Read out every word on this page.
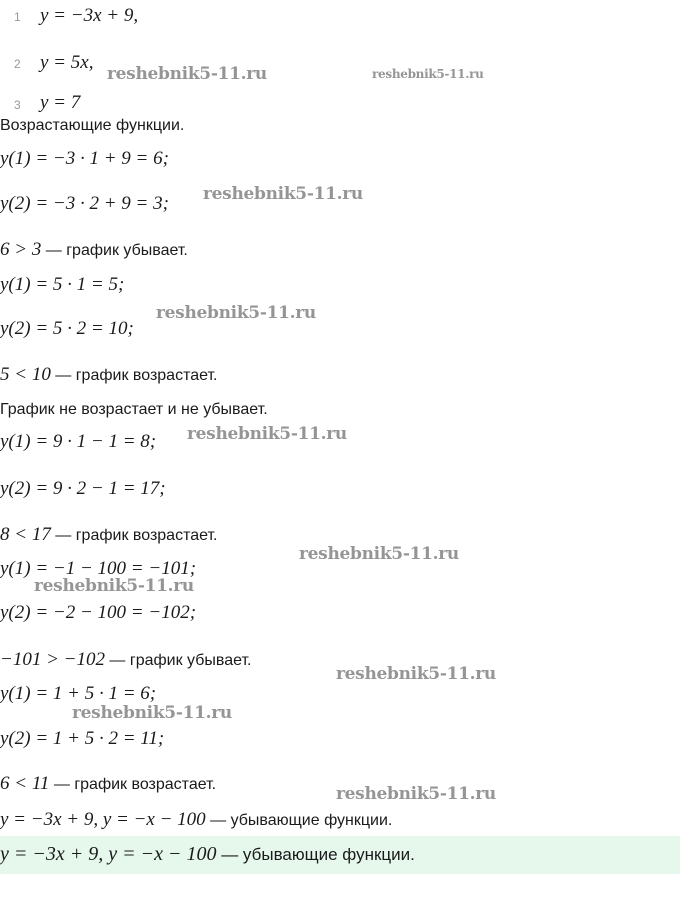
1 y = −3x + 9,
2 y = 5x,
3 y = 7
Возрастающие функции.
y(1) = −3 · 1 + 9 = 6;
y(2) = −3 · 2 + 9 = 3;
6 > 3 — график убывает.
y(1) = 5 · 1 = 5;
y(2) = 5 · 2 = 10;
5 < 10 — график возрастает.
График не возрастает и не убывает.
y(1) = 9 · 1 − 1 = 8;
y(2) = 9 · 2 − 1 = 17;
8 < 17 — график возрастает.
y(1) = −1 − 100 = −101;
y(2) = −2 − 100 = −102;
−101 > −102 — график убывает.
y(1) = 1 + 5 · 1 = 6;
y(2) = 1 + 5 · 2 = 11;
6 < 11 — график возрастает.
y = −3x + 9, y = −x − 100 — убывающие функции.
y = −3x + 9, y = −x − 100 — убывающие функции.
reshebnik5-11.ru	reshebnik5-11.ru
reshebnik5-11.ru
reshebnik5-11.ru
reshebnik5-11.ru
reshebnik5-11.ru
reshebnik5-11.ru
reshebnik5-11.ru
reshebnik5-11.ru
reshebnik5-11.ru
